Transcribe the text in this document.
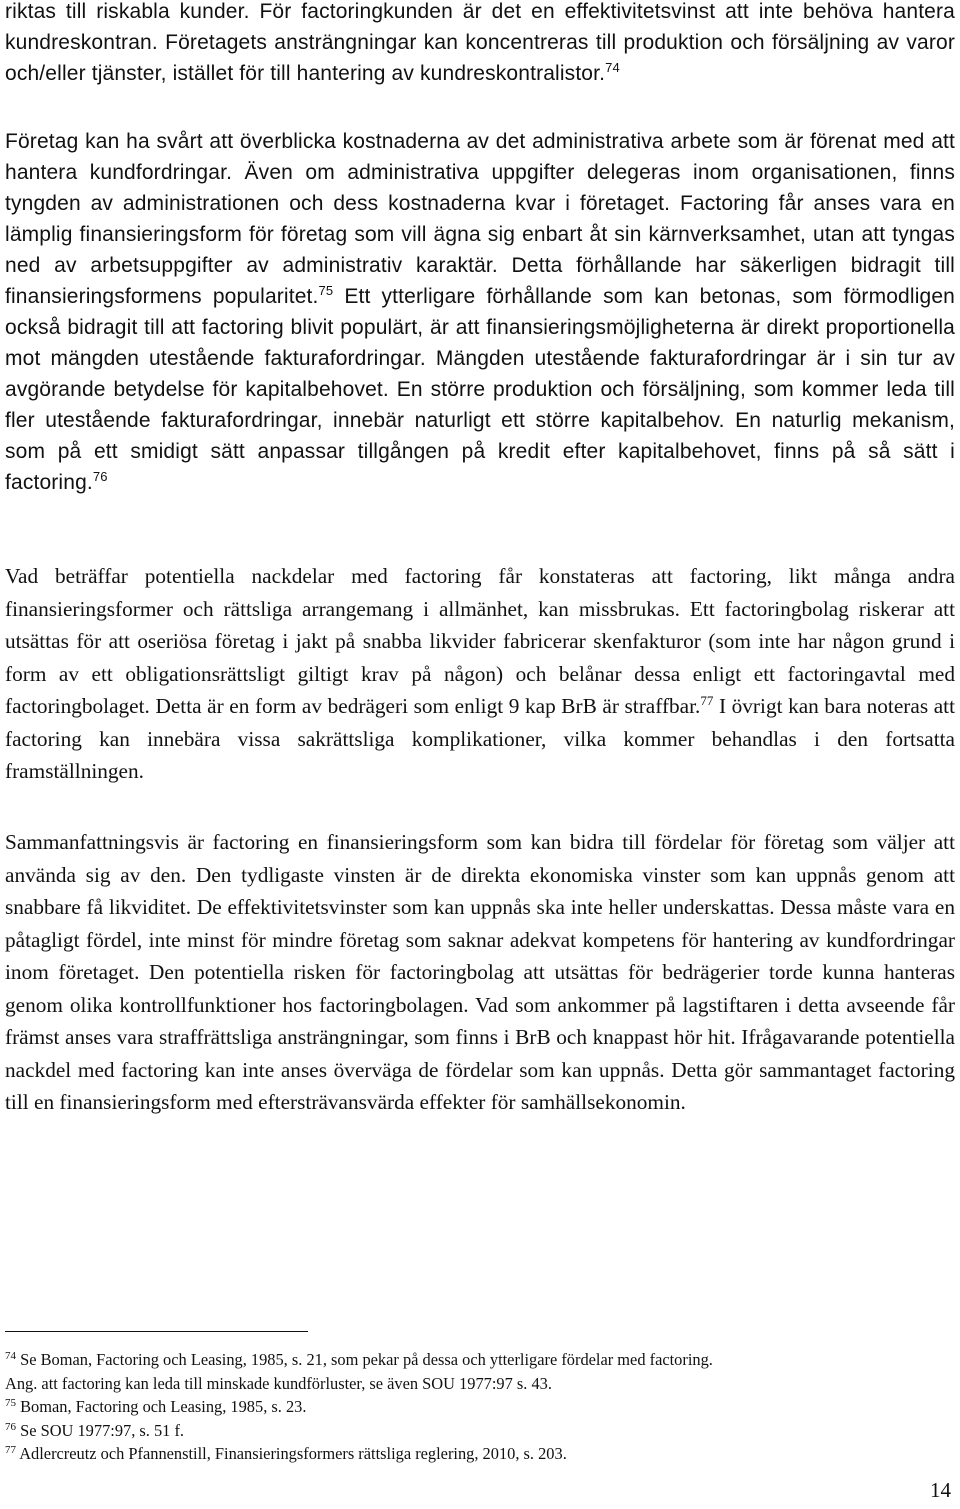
riktas till riskabla kunder. För factoringkunden är det en effektivitetsvinst att inte behöva hantera kundreskontran. Företagets ansträngningar kan koncentreras till produktion och försäljning av varor och/eller tjänster, istället för till hantering av kundreskontralistor.$^{74}$

Företag kan ha svårt att överblicka kostnaderna av det administrativa arbete som är förenat med att hantera kundfordringar. Även om administrativa uppgifter delegeras inom organisationen, finns tyngden av administrationen och dess kostnaderna kvar i företaget. Factoring får anses vara en lämplig finansieringsform för företag som vill ägna sig enbart åt sin kärnverksamhet, utan att tyngas ned av arbetsuppgifter av administrativ karaktär. Detta förhållande har säkerligen bidragit till finansieringsformens popularitet.$^{75}$ Ett ytterligare förhållande som kan betonas, som förmodligen också bidragit till att factoring blivit populärt, är att finansieringsmöjligheterna är direkt proportionella mot mängden utestående fakturafordringar. Mängden utestående fakturafordringar är i sin tur av avgörande betydelse för kapitalbehovet. En större produktion och försäljning, som kommer leda till fler utestående fakturafordringar, innebär naturligt ett större kapitalbehov. En naturlig mekanism, som på ett smidigt sätt anpassar tillgången på kredit efter kapitalbehovet, finns på så sätt i factoring.$^{76}$

Vad beträffar potentiella nackdelar med factoring får konstateras att factoring, likt många andra finansieringsformer och rättsliga arrangemang i allmänhet, kan missbrukas. Ett factoringbolag riskerar att utsättas för att oseriösa företag i jakt på snabba likvider fabricerar skenfakturor (som inte har någon grund i form av ett obligationsrättsligt giltigt krav på någon) och belånar dessa enligt ett factoringavtal med factoringbolaget. Detta är en form av bedrägeri som enligt 9 kap BrB är straffbar.$^{77}$ I övrigt kan bara noteras att factoring kan innebära vissa sakrättsliga komplikationer, vilka kommer behandlas i den fortsatta framställningen.

Sammanfattningsvis är factoring en finansieringsform som kan bidra till fördelar för företag som väljer att använda sig av den. Den tydligaste vinsten är de direkta ekonomiska vinster som kan uppnås genom att snabbare få likviditet. De effektivitetsvinster som kan uppnås ska inte heller underskattas. Dessa måste vara en påtagligt fördel, inte minst för mindre företag som saknar adekvat kompetens för hantering av kundfordringar inom företaget. Den potentiella risken för factoringbolag att utsättas för bedrägerier torde kunna hanteras genom olika kontrollfunktioner hos factoringbolagen. Vad som ankommer på lagstiftaren i detta avseende får främst anses vara straffrättsliga ansträngningar, som finns i BrB och knappast hör hit. Ifrågavarande potentiella nackdel med factoring kan inte anses överväga de fördelar som kan uppnås. Detta gör sammantaget factoring till en finansieringsform med eftersträvansvärda effekter för samhällsekonomin.

$^{74}$ Se Boman, Factoring och Leasing, 1985, s. 21, som pekar på dessa och ytterligare fördelar med factoring.

Ang. att factoring kan leda till minskade kundförluster, se även SOU 1977:97 s. 43.

$^{75}$ Boman, Factoring och Leasing, 1985, s. 23.

$^{76}$ Se SOU 1977:97, s. 51 f.

$^{77}$ Adlercreutz och Pfannenstill, Finansieringsformers rättsliga reglering, 2010, s. 203.

14
